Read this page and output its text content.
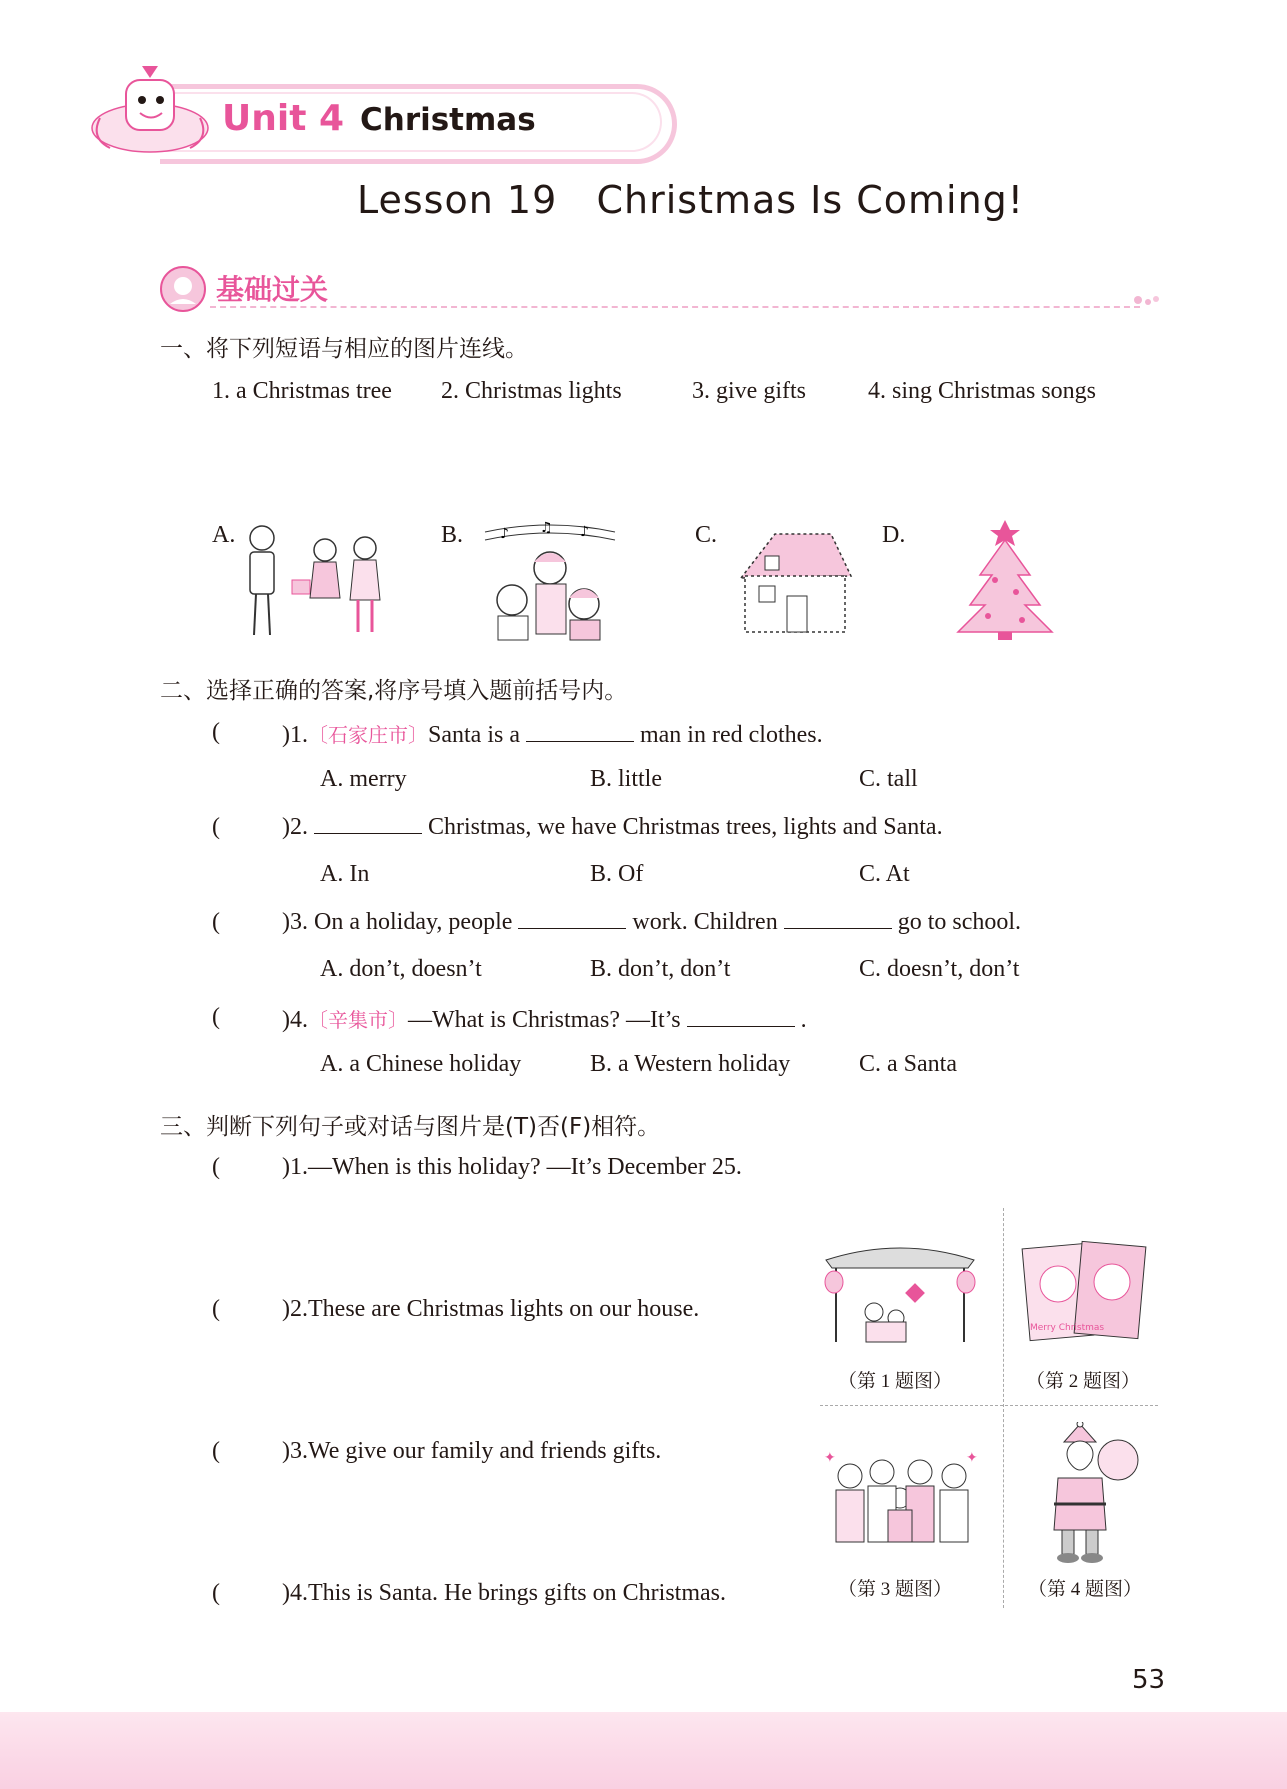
Unit 4 Christmas
Lesson 19   Christmas Is Coming!
基础过关
一、将下列短语与相应的图片连线。
1. a Christmas tree 2. Christmas lights	3. give gifts	4. sing Christmas songs
A.	B.	C.	D.
♪ ♫ ♪
二、选择正确的答案,将序号填入题前括号内。
(	)1.〔石家庄市〕Santa is a	man in red clothes.
A. merry	B. little	C. tall
(	)2.	Christmas, we have Christmas trees, lights and Santa.
A. In	B. Of	C. At
(	)3. On a holiday, people	work. Children	go to school.
A. don’t, doesn’t	B. don’t, don’t	C. doesn’t, don’t
(	)4.〔辛集市〕—What is Christmas? —It’s	.
A. a Chinese holiday	B. a Western holiday	C. a Santa
三、判断下列句子或对话与图片是(T)否(F)相符。
(	)1.—When is this holiday? —It’s December 25.
(	)2.These are Christmas lights on our house.
(	)3.We give our family and friends gifts.
(	)4.This is Santa. He brings gifts on Christmas.
（第 1 题图）
Merry Christmas
（第 2 题图）
✦	✦
（第 3 题图）	（第 4 题图）
53
